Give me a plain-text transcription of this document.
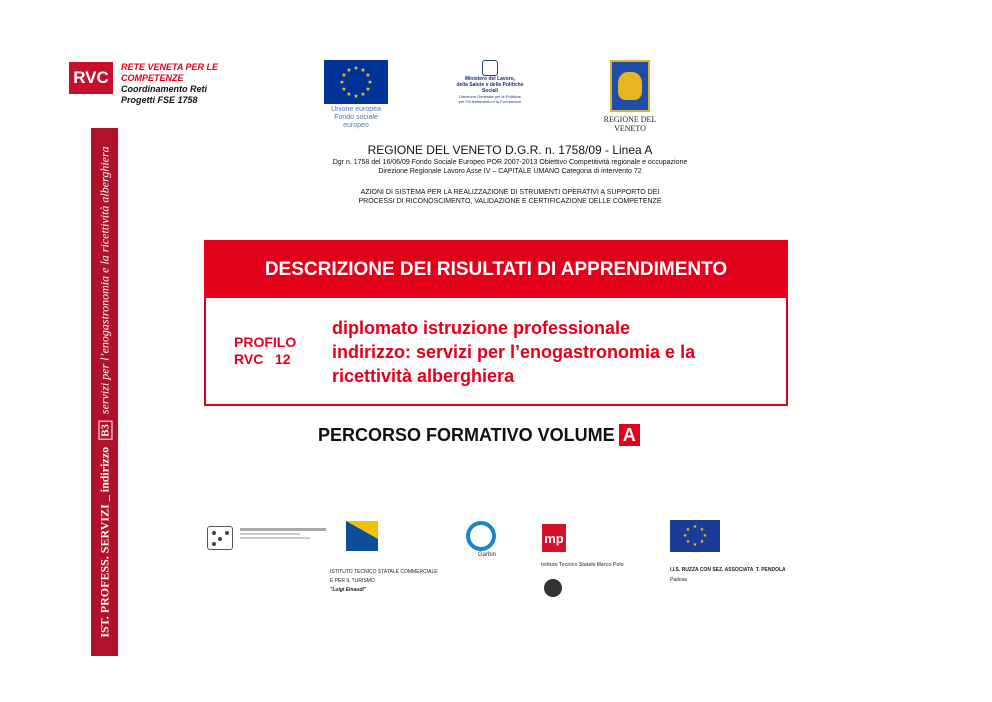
RVC
RETE VENETA PER LE
COMPETENZE
Coordinamento Reti
Progetti FSE 1758
IST. PROFESS. SERVIZI _ indirizzo B3 servizi per l’enogastronomia e la ricettività alberghiera
★ ★
★
★
★
★
★
★
★
★
★
★
Unione europea
Fondo sociale europeo
Ministero del Lavoro,
della Salute e delle Politiche Sociali
Direzione Generale per le Politiche
per l’Orientamento e la Formazione
REGIONE DEL VENETO
REGIONE DEL VENETO D.G.R. n. 1758/09 - Linea A
Dgr n. 1758 del 16/06/09 Fondo Sociale Europeo POR 2007-2013 Obiettivo Competitività regionale e occupazione
Direzione Regionale Lavoro Asse IV – CAPITALE UMANO Categoria di intervento 72
AZIONI DI SISTEMA PER LA REALIZZAZIONE DI STRUMENTI OPERATIVI A SUPPORTO DEI
PROCESSI DI RICONOSCIMENTO, VALIDAZIONE E CERTIFICAZIONE DELLE COMPETENZE
DESCRIZIONE DEI RISULTATI DI APPRENDIMENTO
PROFILO
RVC   12
diplomato istruzione professionale
indirizzo: servizi per l’enogastronomia e la
ricettività alberghiera
PERCORSO FORMATIVO VOLUME A
ISTITUTO TECNICO STATALE COMMERCIALE
E PER IL TURISMO
"Luigi Einaudi"
Garbin
mp
Istituto Tecnico Statale Marco Polo
★ ★
★
★
★
★
★
★
I.I.S. RUZZA CON SEZ. ASSOCIATA  T. PENDOLA
Padova
